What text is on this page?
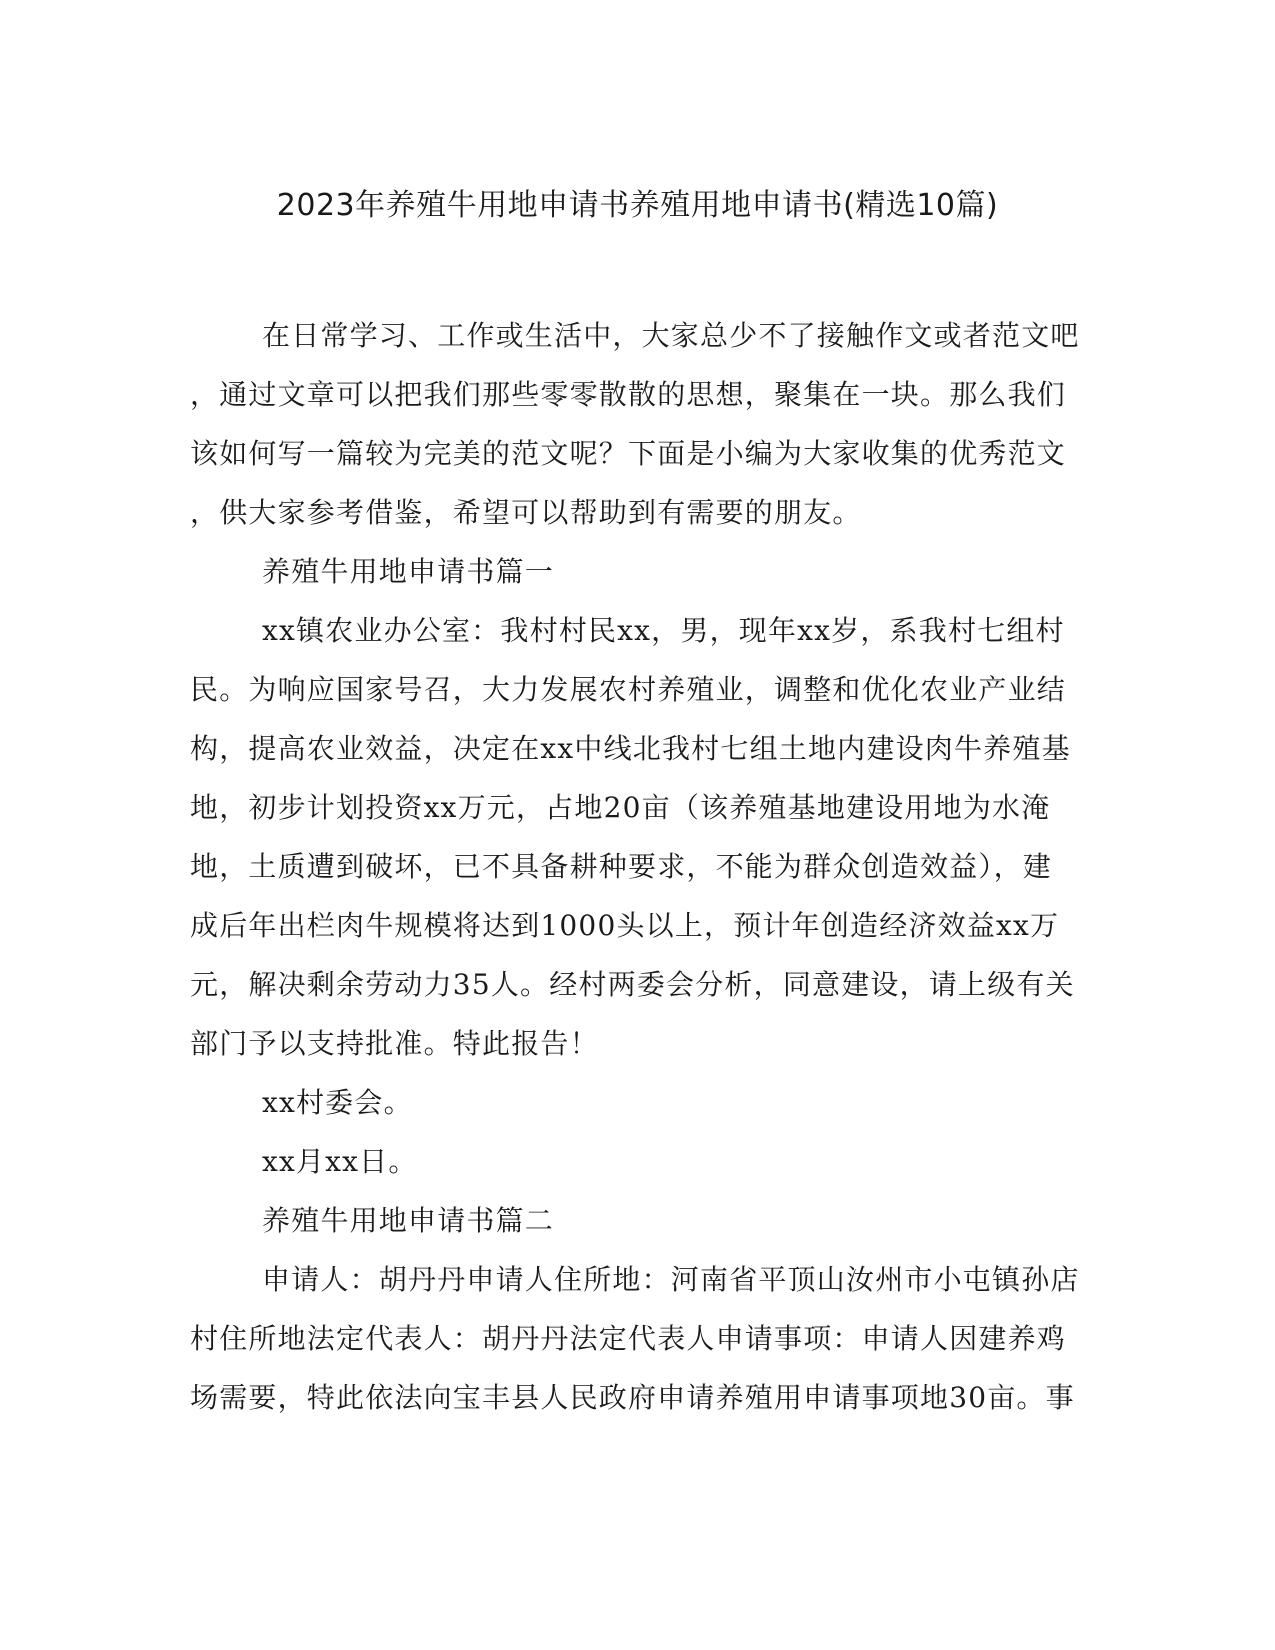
2023年养殖牛用地申请书养殖用地申请书(精选10篇)
在日常学习、工作或生活中，大家总少不了接触作文或者范文吧
，通过文章可以把我们那些零零散散的思想，聚集在一块。那么我们
该如何写一篇较为完美的范文呢？下面是小编为大家收集的优秀范文
，供大家参考借鉴，希望可以帮助到有需要的朋友。
养殖牛用地申请书篇一
xx镇农业办公室：我村村民xx，男，现年xx岁，系我村七组村
民。为响应国家号召，大力发展农村养殖业，调整和优化农业产业结
构，提高农业效益，决定在xx中线北我村七组土地内建设肉牛养殖基
地，初步计划投资xx万元，占地20亩（该养殖基地建设用地为水淹
地，土质遭到破坏，已不具备耕种要求，不能为群众创造效益），建
成后年出栏肉牛规模将达到1000头以上，预计年创造经济效益xx万
元，解决剩余劳动力35人。经村两委会分析，同意建设，请上级有关
部门予以支持批准。特此报告！
xx村委会。
xx月xx日。
养殖牛用地申请书篇二
申请人：胡丹丹申请人住所地：河南省平顶山汝州市小屯镇孙店
村住所地法定代表人：胡丹丹法定代表人申请事项：申请人因建养鸡
场需要，特此依法向宝丰县人民政府申请养殖用申请事项地30亩。事
